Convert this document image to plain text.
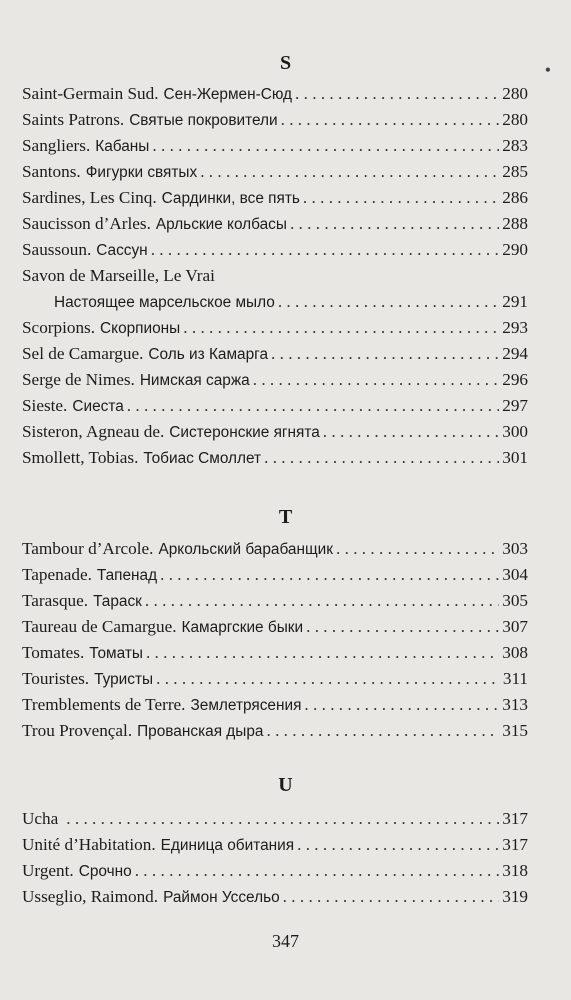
•
S
Saint-Germain Sud. Сен-Жермен-Сюд . . .	280
Saints Patrons. Святые покровители . . .	280
Sangliers. Кабаны . . .	283
Santons. Фигурки святых . . .	285
Sardines, Les Cinq. Сардинки, все пять . . .	286
Saucisson d’Arles. Арльские колбасы . . .	288
Saussoun. Сассун . . .	290
Savon de Marseille, Le Vrai
Настоящее марсельское мыло . . .	291
Scorpions. Скорпионы . . .	293
Sel de Camargue. Соль из Камарга . . .	294
Serge de Nimes. Нимская саржа . . .	296
Sieste. Сиеста . . .	297
Sisteron, Agneau de. Систеронские ягнята . . .	300
Smollett, Tobias. Тобиас Смоллет . . .	301
T
Tambour d’Arcole. Аркольский барабанщик . . .	303
Tapenade. Тапенад . . .	304
Tarasque. Тараск . . .	305
Taureau de Camargue. Камаргские быки . . .	307
Tomates. Томаты . . .	308
Touristes. Туристы . . .	311
Tremblements de Terre. Землетрясения . . .	313
Trou Provençal. Прованская дыра . . .	315
U
Ucha . . .	317
Unité d’Habitation. Единица обитания . . .	317
Urgent. Срочно . . .	318
Usseglio, Raimond. Раймон Уссельо . . .	319
347
